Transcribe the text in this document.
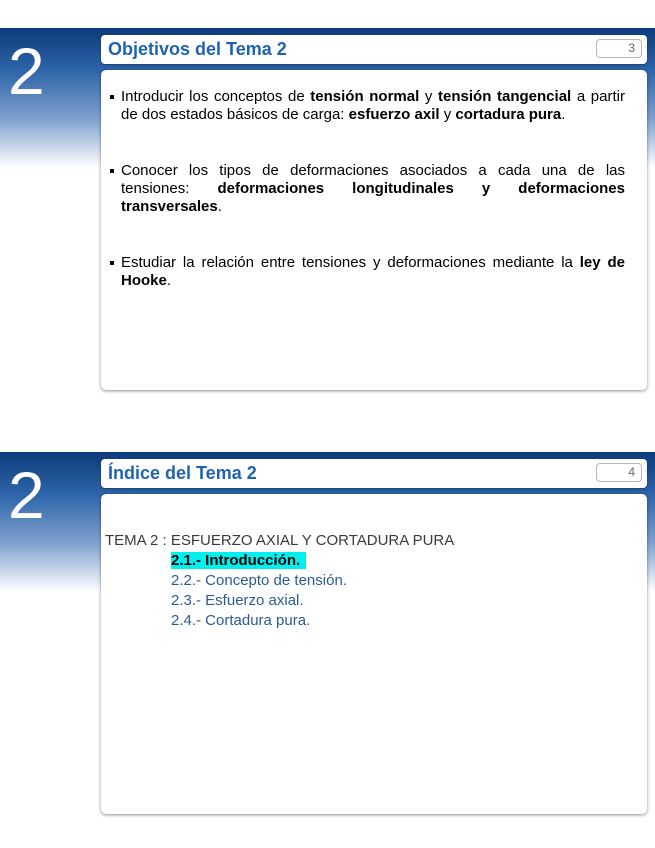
2	Objetivos del Tema 2	3
Introducir los conceptos de tensión normal y tensión tangencial a partir de dos estados básicos de carga: esfuerzo axil y cortadura pura.
Conocer los tipos de deformaciones asociados a cada una de las tensiones: deformaciones longitudinales y deformaciones transversales.
Estudiar la relación entre tensiones y deformaciones mediante la ley de Hooke.
2	Índice del Tema 2	4
TEMA 2 : ESFUERZO AXIAL Y CORTADURA PURA
2.1.- Introducción.
2.2.- Concepto de tensión.
2.3.- Esfuerzo axial.
2.4.- Cortadura pura.
